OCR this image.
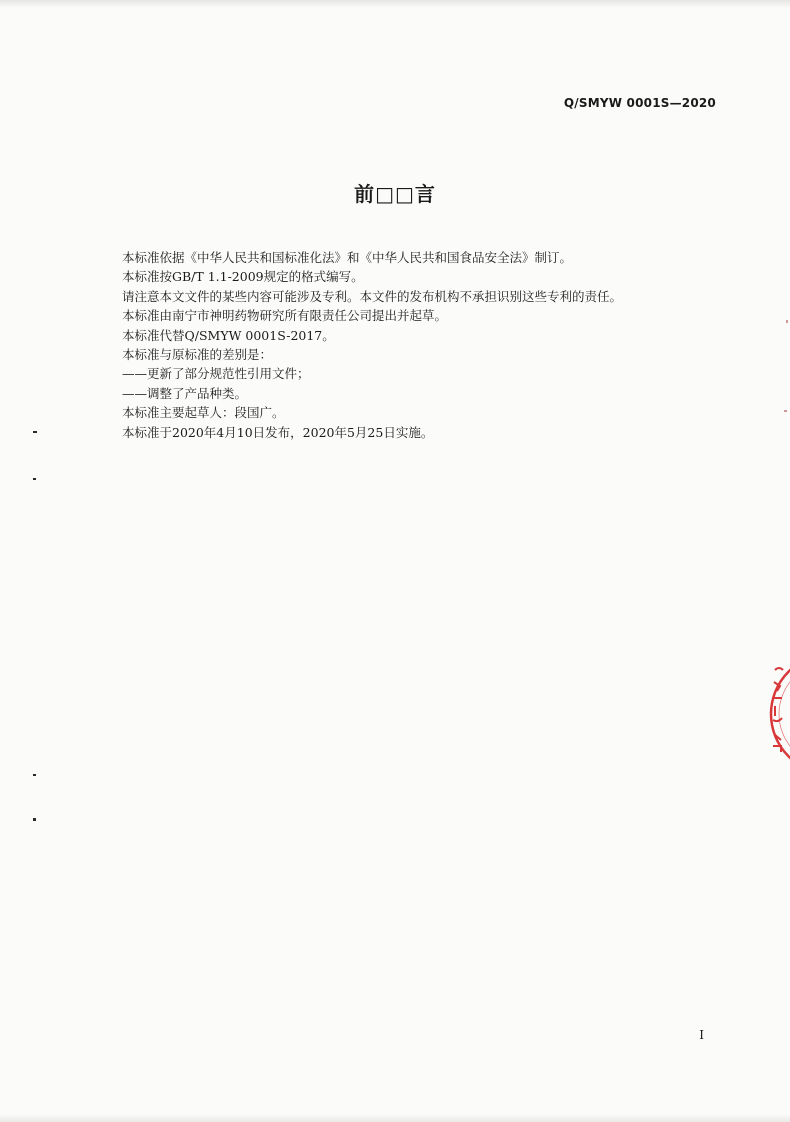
Q/SMYW 0001S—2020
前□□言
本标准依据《中华人民共和国标准化法》和《中华人民共和国食品安全法》制订。
本标准按GB/T 1.1-2009规定的格式编写。
请注意本文文件的某些内容可能涉及专利。本文件的发布机构不承担识别这些专利的责任。
本标准由南宁市神明药物研究所有限责任公司提出并起草。
本标准代替Q/SMYW 0001S-2017。
本标准与原标准的差别是：
——更新了部分规范性引用文件；
——调整了产品种类。
本标准主要起草人：段国广。
本标准于2020年4月10日发布，2020年5月25日实施。
I
